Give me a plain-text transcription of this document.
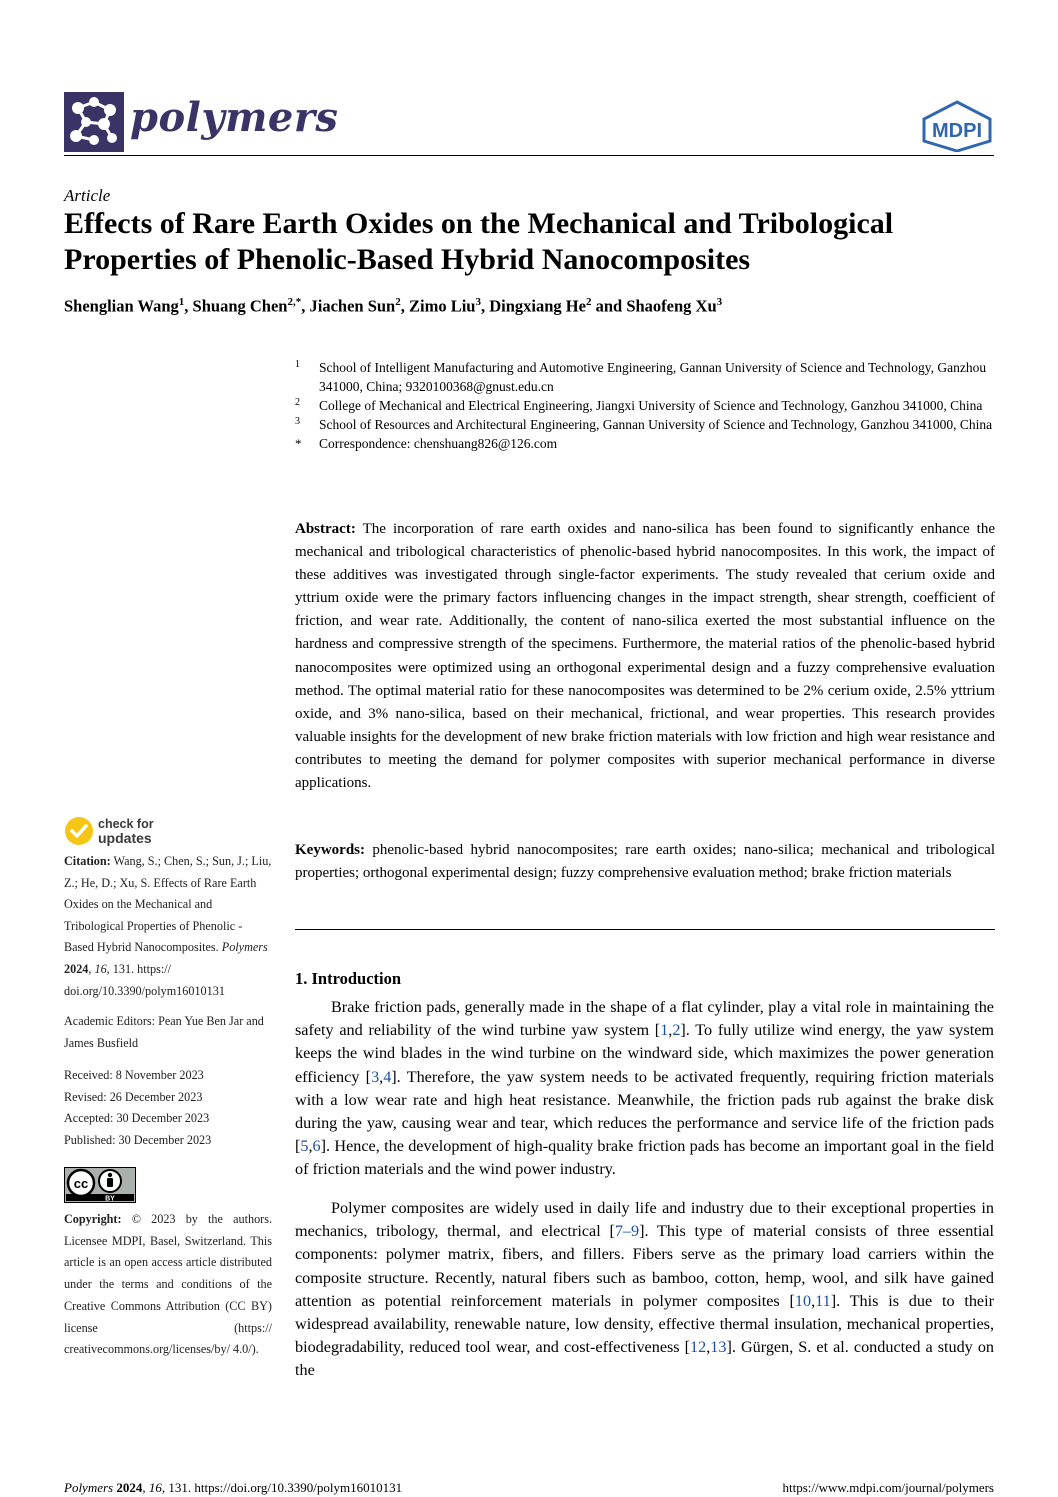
polymers	MDPI
Article
Effects of Rare Earth Oxides on the Mechanical and Tribological
Properties of Phenolic-Based Hybrid Nanocomposites
Shenglian Wang$^1$, Shuang Chen$^{2,*}$, Jiachen Sun$^2$, Zimo Liu$^3$, Dingxiang He$^2$ and Shaofeng Xu$^3$
1 School of Intelligent Manufacturing and Automotive Engineering, Gannan University of Science and Technology, Ganzhou 341000, China; 9320100368@gnust.edu.cn
2 College of Mechanical and Electrical Engineering, Jiangxi University of Science and Technology, Ganzhou 341000, China
3 School of Resources and Architectural Engineering, Gannan University of Science and Technology, Ganzhou 341000, China
* Correspondence: chenshuang826@126.com
Abstract: The incorporation of rare earth oxides and nano-silica has been found to significantly enhance the mechanical and tribological characteristics of phenolic-based hybrid nanocomposites. In this work, the impact of these additives was investigated through single-factor experiments. The study revealed that cerium oxide and yttrium oxide were the primary factors influencing changes in the impact strength, shear strength, coefficient of friction, and wear rate. Additionally, the content of nano-silica exerted the most substantial influence on the hardness and compressive strength of the specimens. Furthermore, the material ratios of the phenolic-based hybrid nanocomposites were optimized using an orthogonal experimental design and a fuzzy comprehensive evaluation method. The optimal material ratio for these nanocomposites was determined to be 2% cerium oxide, 2.5% yttrium oxide, and 3% nano-silica, based on their mechanical, frictional, and wear properties. This research provides valuable insights for the development of new brake friction materials with low friction and high wear resistance and contributes to meeting the demand for polymer composites with superior mechanical performance in diverse applications.
Keywords: phenolic-based hybrid nanocomposites; rare earth oxides; nano-silica; mechanical and tribological properties; orthogonal experimental design; fuzzy comprehensive evaluation method; brake friction materials
1. Introduction

Brake friction pads, generally made in the shape of a flat cylinder, play a vital role in maintaining the safety and reliability of the wind turbine yaw system [1,2]. To fully utilize wind energy, the yaw system keeps the wind blades in the wind turbine on the windward side, which maximizes the power generation efficiency [3,4]. Therefore, the yaw system needs to be activated frequently, requiring friction materials with a low wear rate and high heat resistance. Meanwhile, the friction pads rub against the brake disk during the yaw, causing wear and tear, which reduces the performance and service life of the friction pads [5,6]. Hence, the development of high-quality brake friction pads has become an important goal in the field of friction materials and the wind power industry.

Polymer composites are widely used in daily life and industry due to their exceptional properties in mechanics, tribology, thermal, and electrical [7–9]. This type of material consists of three essential components: polymer matrix, fibers, and fillers. Fibers serve as the primary load carriers within the composite structure. Recently, natural fibers such as bamboo, cotton, hemp, wool, and silk have gained attention as potential reinforcement materials in polymer composites [10,11]. This is due to their widespread availability, renewable nature, low density, effective thermal insulation, mechanical properties, biodegradability, reduced tool wear, and cost-effectiveness [12,13]. Gürgen, S. et al. conducted a study on the

check for
updates
Citation: Wang, S.; Chen, S.; Sun, J.; Liu, Z.; He, D.; Xu, S. Effects of Rare Earth Oxides on the Mechanical and Tribological Properties of Phenolic -Based Hybrid Nanocomposites. Polymers 2024, 16, 131. https:// doi.org/10.3390/polym16010131
Academic Editors: Pean Yue Ben Jar and James Busfield
Received: 8 November 2023
Revised: 26 December 2023
Accepted: 30 December 2023
Published: 30 December 2023
cc
BY
Copyright: © 2023 by the authors. Licensee MDPI, Basel, Switzerland. This article is an open access article distributed under the terms and conditions of the Creative Commons Attribution (CC BY) license (https:// creativecommons.org/licenses/by/ 4.0/).
Polymers 2024, 16, 131. https://doi.org/10.3390/polym16010131	https://www.mdpi.com/journal/polymers
